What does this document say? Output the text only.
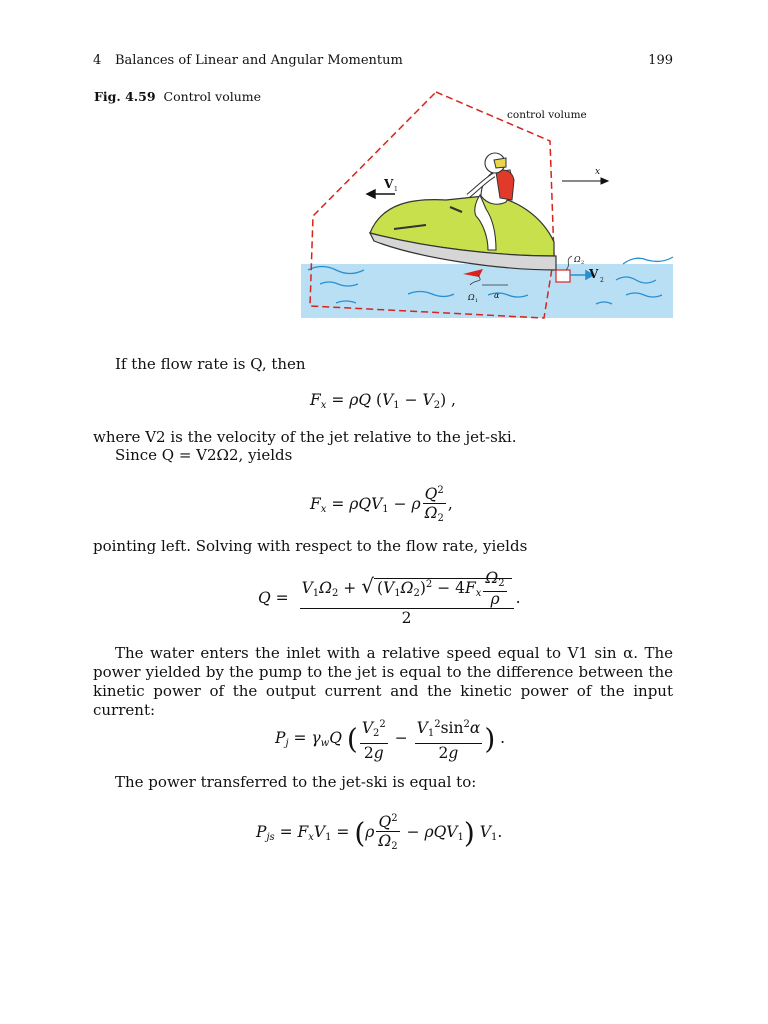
4 Balances of Linear and Angular Momentum	199
Fig. 4.59 Control volume
control volume
x
V 1
V 2
Ω 2
Ω 1
α
If the flow rate is Q, then
$F_x = \rho Q$ $(V_1 - V_2)$ ,
where V2 is the velocity of the jet relative to the jet-ski.
Since Q = V2Ω2, yields
$F_x = \rho QV_1 - \rho \frac{Q^2}{\Omega_2}$ ,
pointing left. Solving with respect to the flow rate, yields
$Q = \frac{V_1\Omega_2 + √ (V_1\Omega_2)^2 - 4F_x \frac{\Omega_2}{\rho}}{2}$ .
The water enters the inlet with a relative speed equal to V1 sin α. The power yielded by the pump to the jet is equal to the difference between the kinetic power of the output current and the kinetic power of the input current:
$P_j = \gamma_wQ$ ( $\frac{V_2^2}{2g} - \frac{V_1^2\sin^2\alpha}{2g}$ ) .
The power transferred to the jet-ski is equal to:
$P_{js} = F_xV_1 = (\rho \frac{Q^2}{\Omega_2} - \rho QV_1)$ $V_1$.
